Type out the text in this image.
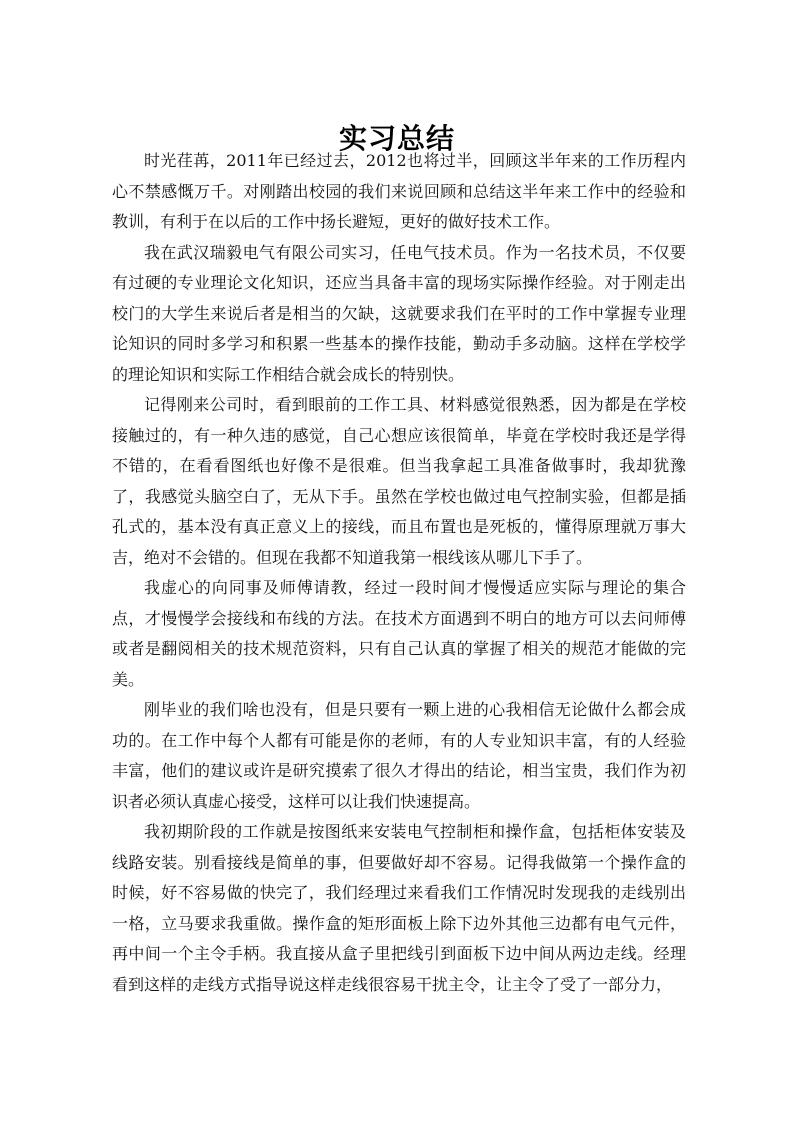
实习总结

时光荏苒，2011年已经过去，2012也将过半，回顾这半年来的工作历程内心不禁感慨万千。对刚踏出校园的我们来说回顾和总结这半年来工作中的经验和教训，有利于在以后的工作中扬长避短，更好的做好技术工作。

我在武汉瑞毅电气有限公司实习，任电气技术员。作为一名技术员，不仅要有过硬的专业理论文化知识，还应当具备丰富的现场实际操作经验。对于刚走出校门的大学生来说后者是相当的欠缺，这就要求我们在平时的工作中掌握专业理论知识的同时多学习和积累一些基本的操作技能，勤动手多动脑。这样在学校学的理论知识和实际工作相结合就会成长的特别快。

记得刚来公司时，看到眼前的工作工具、材料感觉很熟悉，因为都是在学校接触过的，有一种久违的感觉，自己心想应该很简单，毕竟在学校时我还是学得不错的，在看看图纸也好像不是很难。但当我拿起工具准备做事时，我却犹豫了，我感觉头脑空白了，无从下手。虽然在学校也做过电气控制实验，但都是插孔式的，基本没有真正意义上的接线，而且布置也是死板的，懂得原理就万事大吉，绝对不会错的。但现在我都不知道我第一根线该从哪儿下手了。

我虚心的向同事及师傅请教，经过一段时间才慢慢适应实际与理论的集合点，才慢慢学会接线和布线的方法。在技术方面遇到不明白的地方可以去问师傅或者是翻阅相关的技术规范资料，只有自己认真的掌握了相关的规范才能做的完美。

刚毕业的我们啥也没有，但是只要有一颗上进的心我相信无论做什么都会成功的。在工作中每个人都有可能是你的老师，有的人专业知识丰富，有的人经验丰富，他们的建议或许是研究摸索了很久才得出的结论，相当宝贵，我们作为初识者必须认真虚心接受，这样可以让我们快速提高。

我初期阶段的工作就是按图纸来安装电气控制柜和操作盒，包括柜体安装及线路安装。别看接线是简单的事，但要做好却不容易。记得我做第一个操作盒的时候，好不容易做的快完了，我们经理过来看我们工作情况时发现我的走线别出一格，立马要求我重做。操作盒的矩形面板上除下边外其他三边都有电气元件，再中间一个主令手柄。我直接从盒子里把线引到面板下边中间从两边走线。经理看到这样的走线方式指导说这样走线很容易干扰主令，让主令了受了一部分力，
